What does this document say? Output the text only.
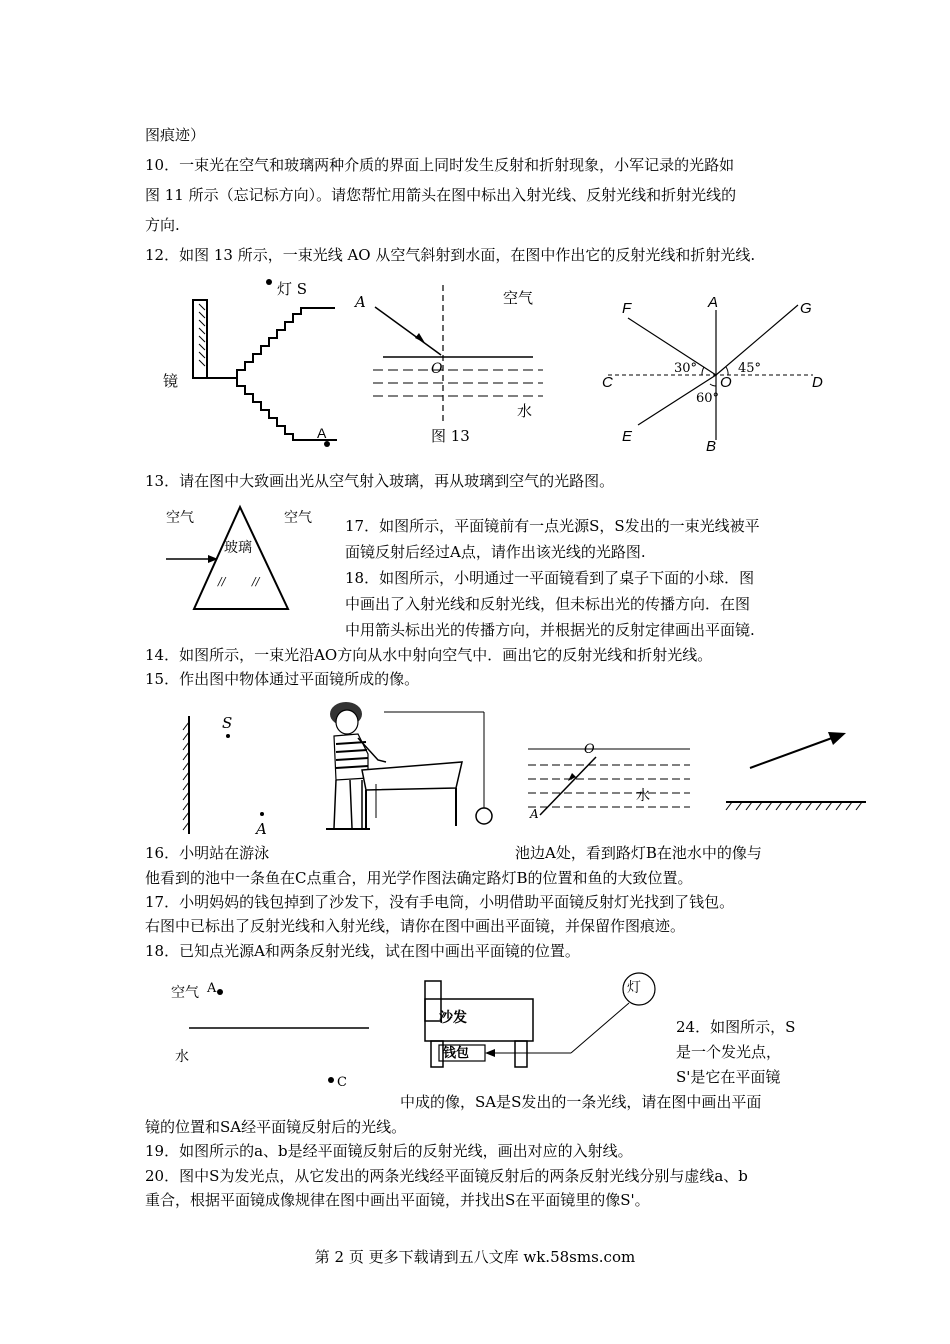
图痕迹）
10．一束光在空气和玻璃两种介质的界面上同时发生反射和折射现象，小军记录的光路如
图 11 所示（忘记标方向）。请您帮忙用箭头在图中标出入射光线、反射光线和折射光线的
方向.
12．如图 13 所示，一束光线 AO 从空气斜射到水面，在图中作出它的反射光线和折射光线.
13．请在图中大致画出光从空气射入玻璃，再从玻璃到空气的光路图。
17．如图所示，平面镜前有一点光源S，S发出的一束光线被平
面镜反射后经过A点，请作出该光线的光路图.
18．如图所示，小明通过一平面镜看到了桌子下面的小球．图
中画出了入射光线和反射光线，但未标出光的传播方向．在图
中用箭头标出光的传播方向，并根据光的反射定律画出平面镜.
14．如图所示，一束光沿AO方向从水中射向空气中．画出它的反射光线和折射光线。
15．作出图中物体通过平面镜所成的像。
16．小明站在游泳	池边A处，看到路灯B在池水中的像与
他看到的池中一条鱼在C点重合，用光学作图法确定路灯B的位置和鱼的大致位置。
17．小明妈妈的钱包掉到了沙发下，没有手电筒，小明借助平面镜反射灯光找到了钱包。
右图中已标出了反射光线和入射光线，请你在图中画出平面镜，并保留作图痕迹。
18．已知点光源A和两条反射光线，试在图中画出平面镜的位置。
24．如图所示，S
是一个发光点，
S'是它在平面镜
中成的像，SA是S发出的一条光线，请在图中画出平面
镜的位置和SA经平面镜反射后的光线。
19．如图所示的a、b是经平面镜反射后的反射光线，画出对应的入射线。
20．图中S为发光点，从它发出的两条光线经平面镜反射后的两条反射光线分别与虚线a、b
重合，根据平面镜成像规律在图中画出平面镜，并找出S在平面镜里的像S'。
灯 S
镜
A
A
O
空气
水
图 13
F	A	G
C	O	D
E
B
30°	45°
60°
空气	空气
玻璃
// //
S
A
O
A
水
空气 A
水
C
灯
沙发
钱包
第 2 页 更多下载请到五八文库 wk.58sms.com
